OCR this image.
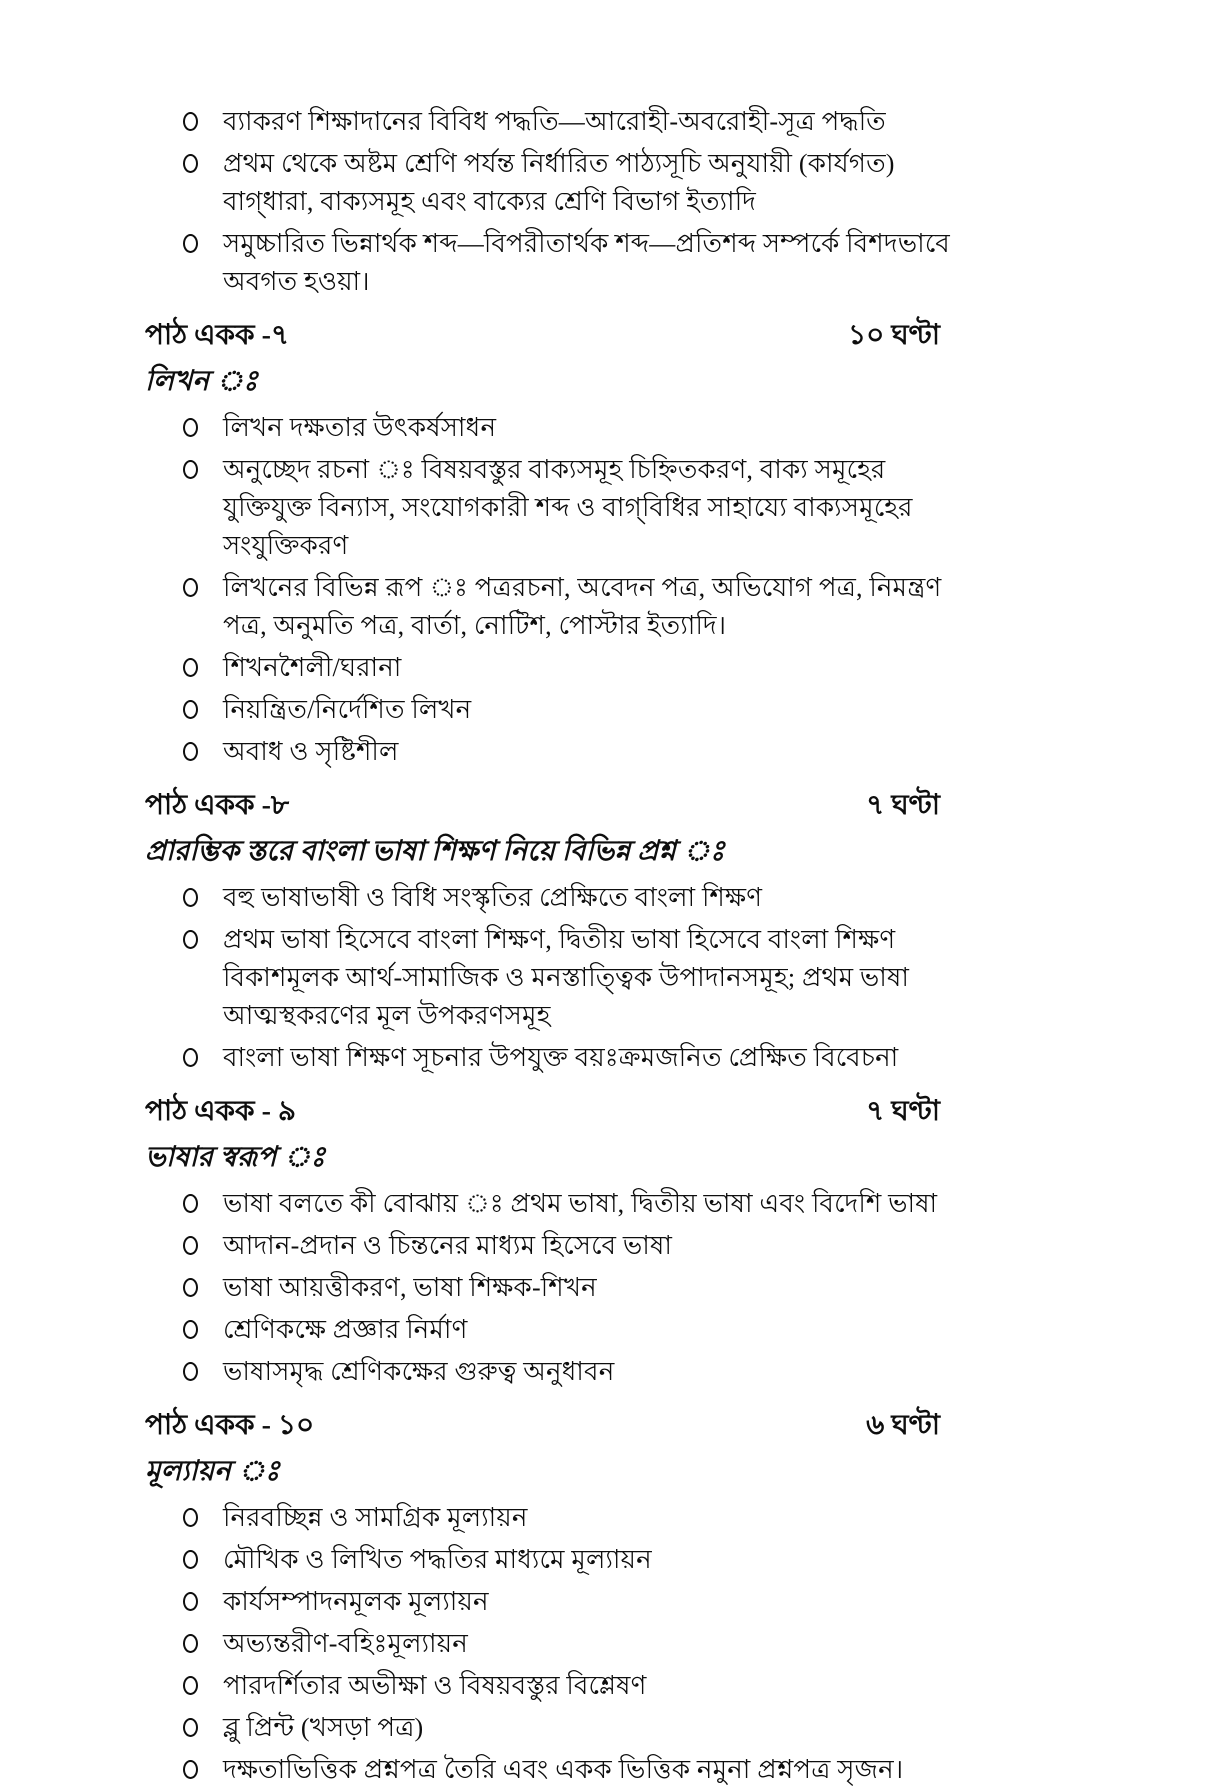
ব্যাকরণ শিক্ষাদানের বিবিধ পদ্ধতি—আরোহী-অবরোহী-সূত্র পদ্ধতি
প্রথম থেকে অষ্টম শ্রেণি পর্যন্ত নির্ধারিত পাঠ্যসূচি অনুযায়ী (কার্যগত) বাগ্‌ধারা, বাক্যসমূহ এবং বাক্যের শ্রেণি বিভাগ ইত্যাদি
সমুচ্চারিত ভিন্নার্থক শব্দ—বিপরীতার্থক শব্দ—প্রতিশব্দ সম্পর্কে বিশদভাবে অবগত হওয়া।
পাঠ একক -৭	১০ ঘণ্টা
লিখন ঃ
লিখন দক্ষতার উৎকর্ষসাধন
অনুচ্ছেদ রচনা ঃ বিষয়বস্তুর বাক্যসমূহ চিহ্নিতকরণ, বাক্য সমূহের যুক্তিযুক্ত বিন্যাস, সংযোগকারী শব্দ ও বাগ্‌বিধির সাহায্যে বাক্যসমূহের সংযুক্তিকরণ
লিখনের বিভিন্ন রূপ ঃ পত্ররচনা, অবেদন পত্র, অভিযোগ পত্র, নিমন্ত্রণ পত্র, অনুমতি পত্র, বার্তা, নোটিশ, পোস্টার ইত্যাদি।
শিখনশৈলী/ঘরানা
নিয়ন্ত্রিত/নির্দেশিত লিখন
অবাধ ও সৃষ্টিশীল
পাঠ একক -৮	৭ ঘণ্টা
প্রারম্ভিক স্তরে বাংলা ভাষা শিক্ষণ নিয়ে বিভিন্ন প্রশ্ন ঃ
বহু ভাষাভাষী ও বিধি সংস্কৃতির প্রেক্ষিতে বাংলা শিক্ষণ
প্রথম ভাষা হিসেবে বাংলা শিক্ষণ, দ্বিতীয় ভাষা হিসেবে বাংলা শিক্ষণ বিকাশমূলক আর্থ-সামাজিক ও মনস্তাত্ত্বিক উপাদানসমূহ; প্রথম ভাষা আত্মস্থকরণের মূল উপকরণসমূহ
বাংলা ভাষা শিক্ষণ সূচনার উপযুক্ত বয়ঃক্রমজনিত প্রেক্ষিত বিবেচনা
পাঠ একক - ৯	৭ ঘণ্টা
ভাষার স্বরূপ ঃ
ভাষা বলতে কী বোঝায় ঃ প্রথম ভাষা, দ্বিতীয় ভাষা এবং বিদেশি ভাষা
আদান-প্রদান ও চিন্তনের মাধ্যম হিসেবে ভাষা
ভাষা আয়ত্তীকরণ, ভাষা শিক্ষক-শিখন
শ্রেণিকক্ষে প্রজ্ঞার নির্মাণ
ভাষাসমৃদ্ধ শ্রেণিকক্ষের গুরুত্ব অনুধাবন
পাঠ একক - ১০	৬ ঘণ্টা
মূল্যায়ন ঃ
নিরবচ্ছিন্ন ও সামগ্রিক মূল্যায়ন
মৌখিক ও লিখিত পদ্ধতির মাধ্যমে মূল্যায়ন
কার্যসম্পাদনমূলক মূল্যায়ন
অভ্যন্তরীণ-বহিঃমূল্যায়ন
পারদর্শিতার অভীক্ষা ও বিষয়বস্তুর বিশ্লেষণ
ব্লু প্রিন্ট (খসড়া পত্র)
দক্ষতাভিত্তিক প্রশ্নপত্র তৈরি এবং একক ভিত্তিক নমুনা প্রশ্নপত্র সৃজন।
